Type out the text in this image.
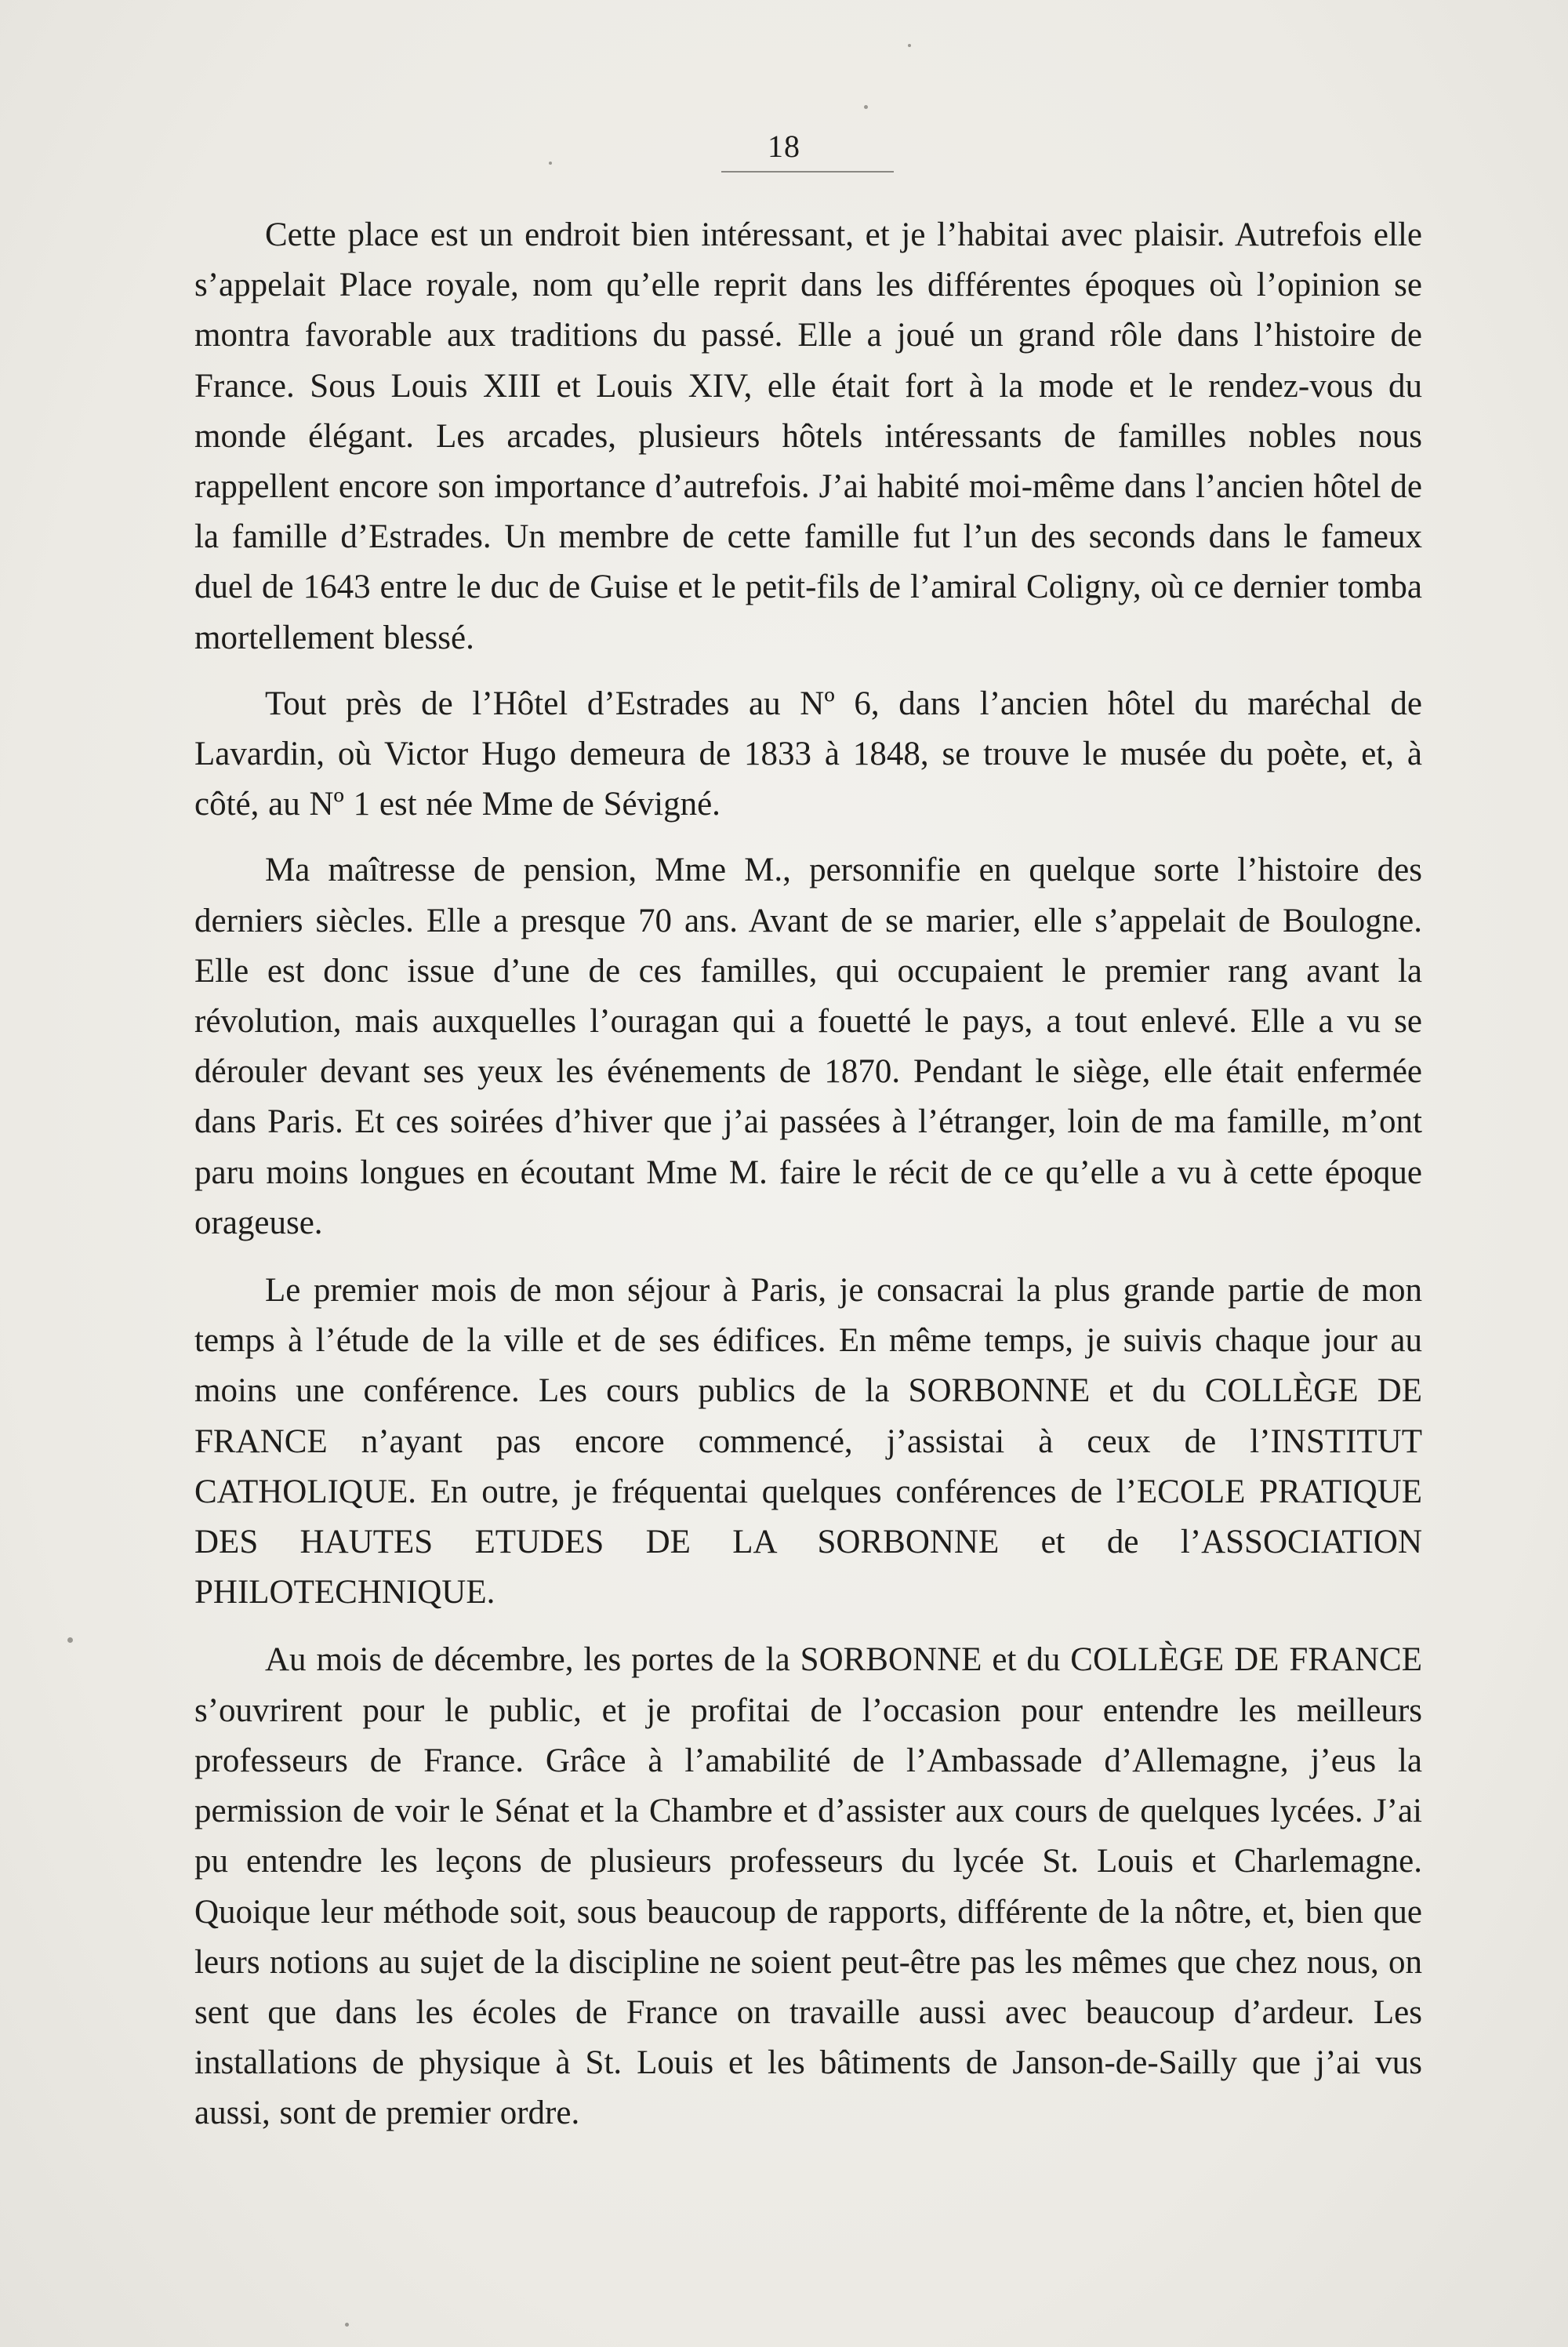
18

Cette place est un endroit bien intéressant, et je l’habitai avec plaisir. Autrefois elle s’appelait Place royale, nom qu’elle reprit dans les différentes époques où l’opinion se montra favorable aux traditions du passé. Elle a joué un grand rôle dans l’histoire de France. Sous Louis XIII et Louis XIV, elle était fort à la mode et le rendez-vous du monde élégant. Les arcades, plusieurs hôtels intéressants de familles nobles nous rappellent encore son importance d’autrefois. J’ai habité moi-même dans l’ancien hôtel de la famille d’Estrades. Un membre de cette famille fut l’un des seconds dans le fameux duel de 1643 entre le duc de Guise et le petit-fils de l’amiral Coligny, où ce dernier tomba mortellement blessé.

Tout près de l’Hôtel d’Estrades au Nº 6, dans l’ancien hôtel du maréchal de Lavardin, où Victor Hugo demeura de 1833 à 1848, se trouve le musée du poète, et, à côté, au Nº 1 est née Mme de Sévigné.

Ma maîtresse de pension, Mme M., personnifie en quelque sorte l’histoire des derniers siècles. Elle a presque 70 ans. Avant de se marier, elle s’appelait de Boulogne. Elle est donc issue d’une de ces familles, qui occupaient le premier rang avant la révolution, mais auxquelles l’ouragan qui a fouetté le pays, a tout enlevé. Elle a vu se dérouler devant ses yeux les événements de 1870. Pendant le siège, elle était enfermée dans Paris. Et ces soirées d’hiver que j’ai passées à l’étranger, loin de ma famille, m’ont paru moins longues en écoutant Mme M. faire le récit de ce qu’elle a vu à cette époque orageuse.

Le premier mois de mon séjour à Paris, je consacrai la plus grande partie de mon temps à l’étude de la ville et de ses édifices. En même temps, je suivis chaque jour au moins une conférence. Les cours publics de la SORBONNE et du COLLÈGE DE FRANCE n’ayant pas encore commencé, j’assistai à ceux de l’INSTITUT CATHOLIQUE. En outre, je fréquentai quelques conférences de l’ECOLE PRATIQUE DES HAUTES ETUDES DE LA SORBONNE et de l’ASSOCIATION PHILOTECHNIQUE.

Au mois de décembre, les portes de la SORBONNE et du COLLÈGE DE FRANCE s’ouvrirent pour le public, et je profitai de l’occasion pour entendre les meilleurs professeurs de France. Grâce à l’amabilité de l’Ambassade d’Allemagne, j’eus la permission de voir le Sénat et la Chambre et d’assister aux cours de quelques lycées. J’ai pu entendre les leçons de plusieurs professeurs du lycée St. Louis et Charlemagne. Quoique leur méthode soit, sous beaucoup de rapports, différente de la nôtre, et, bien que leurs notions au sujet de la discipline ne soient peut-être pas les mêmes que chez nous, on sent que dans les écoles de France on travaille aussi avec beaucoup d’ardeur. Les installations de physique à St. Louis et les bâtiments de Janson-de-Sailly que j’ai vus aussi, sont de premier ordre.
